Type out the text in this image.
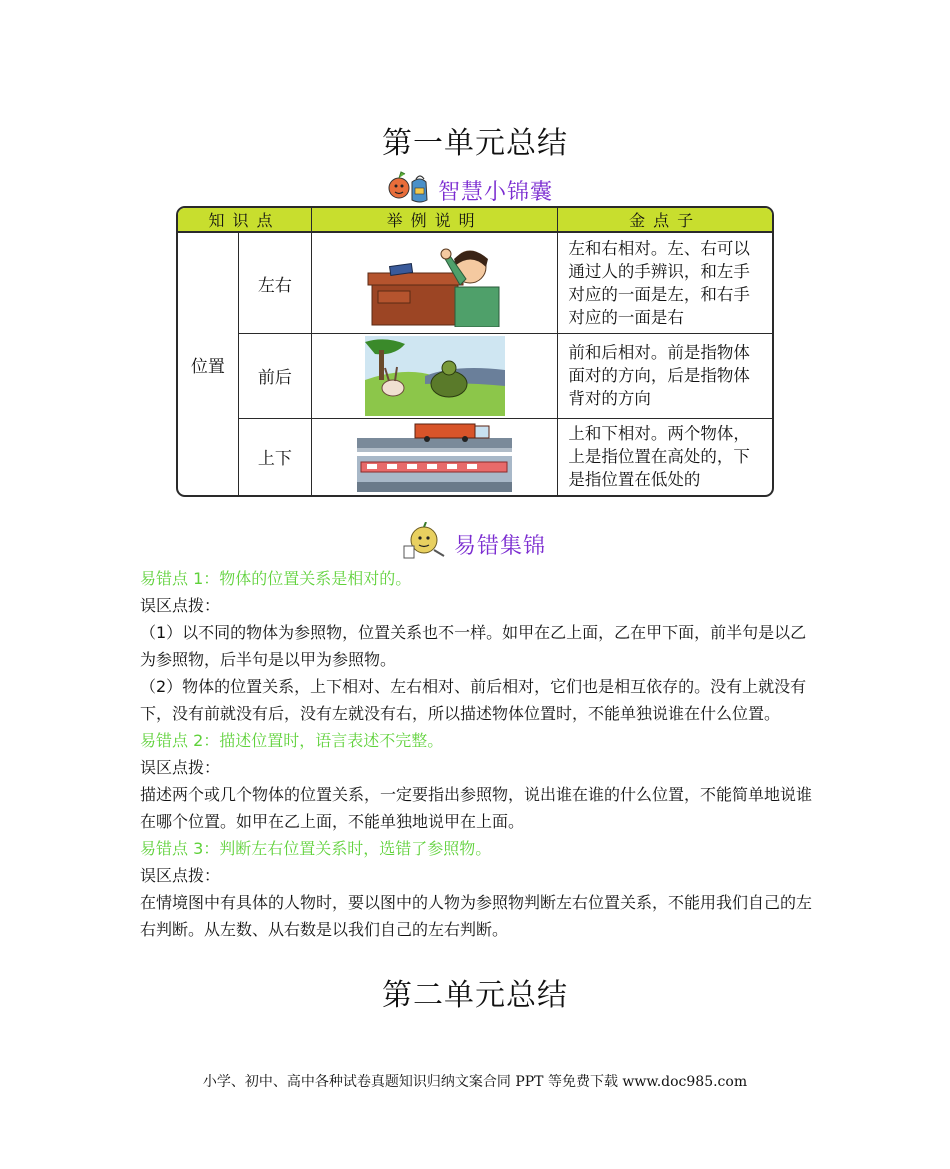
第一单元总结
智慧小锦囊
知识点		举例说明	金点子
位置	左右		左和右相对。左、右可以通过人的手辨识，和左手对应的一面是左，和右手对应的一面是右
	前后		前和后相对。前是指物体面对的方向，后是指物体背对的方向
	上下		上和下相对。两个物体，上是指位置在高处的，下是指位置在低处的
易错集锦

易错点 1：物体的位置关系是相对的。

误区点拨：

（1）以不同的物体为参照物，位置关系也不一样。如甲在乙上面，乙在甲下面，前半句是以乙为参照物，后半句是以甲为参照物。

（2）物体的位置关系，上下相对、左右相对、前后相对，它们也是相互依存的。没有上就没有下，没有前就没有后，没有左就没有右，所以描述物体位置时，不能单独说谁在什么位置。

易错点 2：描述位置时，语言表述不完整。

误区点拨：

描述两个或几个物体的位置关系，一定要指出参照物，说出谁在谁的什么位置，不能简单地说谁在哪个位置。如甲在乙上面，不能单独地说甲在上面。

易错点 3：判断左右位置关系时，选错了参照物。

误区点拨：

在情境图中有具体的人物时，要以图中的人物为参照物判断左右位置关系，不能用我们自己的左右判断。从左数、从右数是以我们自己的左右判断。

第二单元总结
小学、初中、高中各种试卷真题知识归纳文案合同 PPT 等免费下载 www.doc985.com
